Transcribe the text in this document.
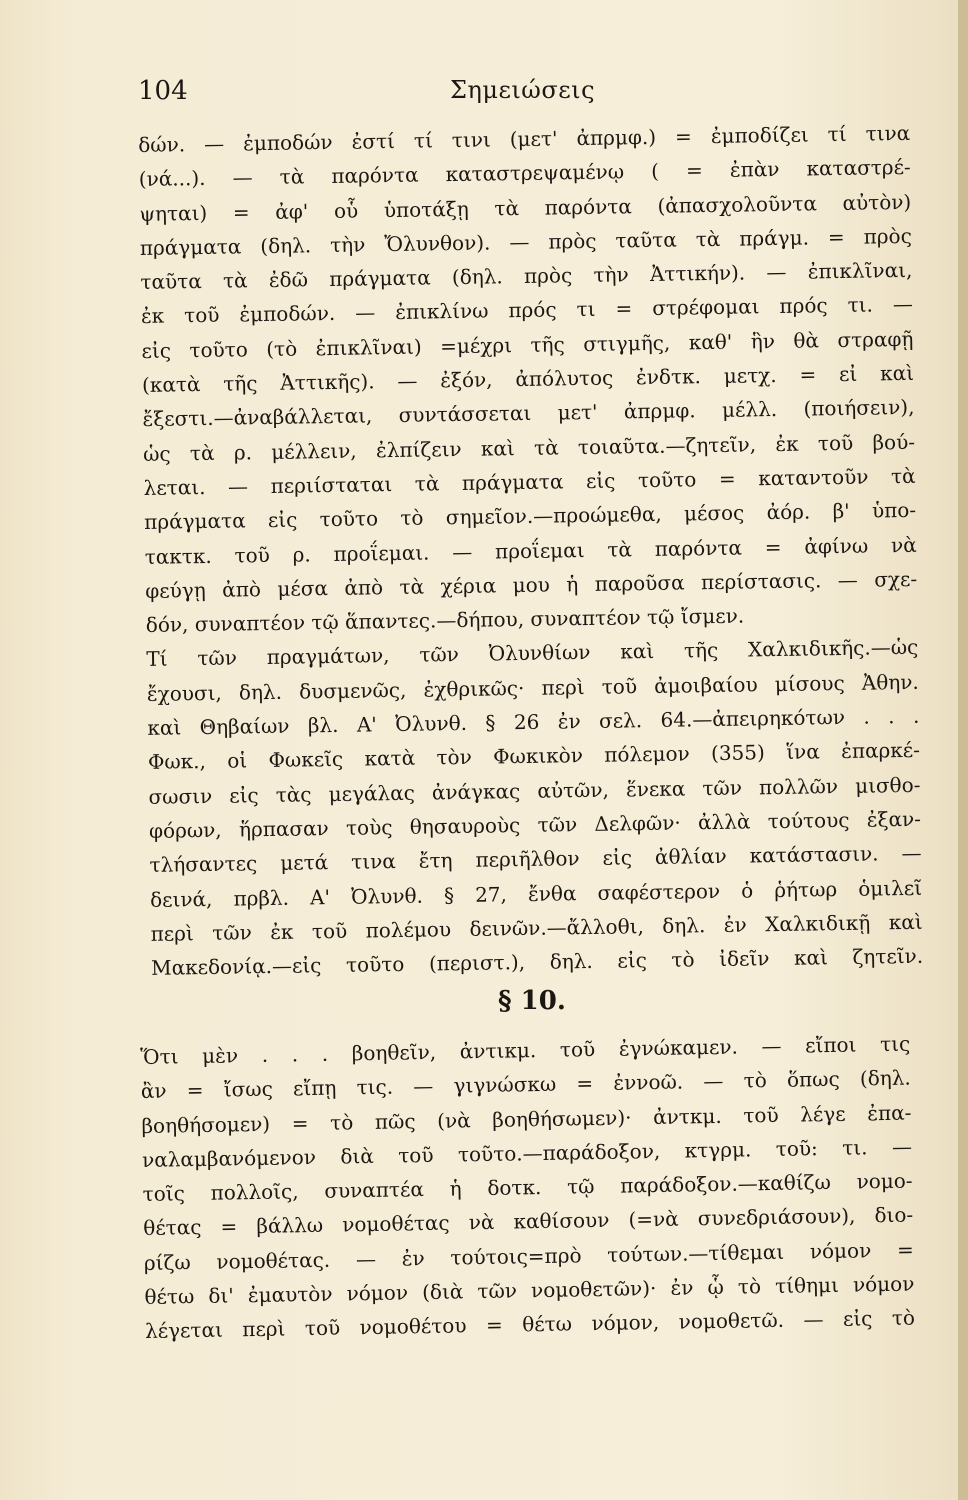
104	Σημειώσεις
δών. — ἐμποδών ἐστί τί τινι (μετ' ἀπρμφ.) = ἐμποδίζει τί τινα
(νά...). — τὰ παρόντα καταστρεψαμένῳ ( = ἐπὰν καταστρέ-
ψηται) = ἀφ' οὗ ὑποτάξῃ τὰ παρόντα (ἀπασχολοῦντα αὐτὸν)
πράγματα (δηλ. τὴν Ὄλυνθον). — πρὸς ταῦτα τὰ πράγμ. = πρὸς
ταῦτα τὰ ἐδῶ πράγματα (δηλ. πρὸς τὴν Ἀττικήν). — ἐπικλῖναι,
ἐκ τοῦ ἐμποδών. — ἐπικλίνω πρός τι = στρέφομαι πρός τι. —
εἰς τοῦτο (τὸ ἐπικλῖναι) =μέχρι τῆς στιγμῆς, καθ' ἣν θὰ στραφῇ
(κατὰ τῆς Ἀττικῆς). — ἐξόν, ἀπόλυτος ἐνδτκ. μετχ. = εἰ καὶ
ἔξεστι.—ἀναβάλλεται, συντάσσεται μετ' ἀπρμφ. μέλλ. (ποιήσειν),
ὡς τὰ ρ. μέλλειν, ἐλπίζειν καὶ τὰ τοιαῦτα.—ζητεῖν, ἐκ τοῦ βού-
λεται. — περιίσταται τὰ πράγματα εἰς τοῦτο = καταντοῦν τὰ
πράγματα εἰς τοῦτο τὸ σημεῖον.—προώμεθα, μέσος ἀόρ. β' ὑπο-
τακτκ. τοῦ ρ. προΐεμαι. — προΐεμαι τὰ παρόντα = ἀφίνω νὰ
φεύγῃ ἀπὸ μέσα ἀπὸ τὰ χέρια μου ἡ παροῦσα περίστασις. — σχε-
δόν, συναπτέον τῷ ἅπαντες.—δήπου, συναπτέον τῷ ἴσμεν.
Τί τῶν πραγμάτων, τῶν Ὀλυνθίων καὶ τῆς Χαλκιδικῆς.—ὡς
ἔχουσι, δηλ. δυσμενῶς, ἐχθρικῶς· περὶ τοῦ ἀμοιβαίου μίσους Ἀθην.
καὶ Θηβαίων βλ. Α' Ὀλυνθ. § 26 ἐν σελ. 64.—ἀπειρηκότων . . .
Φωκ., οἱ Φωκεῖς κατὰ τὸν Φωκικὸν πόλεμον (355) ἵνα ἐπαρκέ-
σωσιν εἰς τὰς μεγάλας ἀνάγκας αὐτῶν, ἕνεκα τῶν πολλῶν μισθο-
φόρων, ἥρπασαν τοὺς θησαυροὺς τῶν Δελφῶν· ἀλλὰ τούτους ἐξαν-
τλήσαντες μετά τινα ἔτη περιῆλθον εἰς ἀθλίαν κατάστασιν. —
δεινά, πρβλ. Α' Ὀλυνθ. § 27, ἔνθα σαφέστερον ὁ ῥήτωρ ὁμιλεῖ
περὶ τῶν ἐκ τοῦ πολέμου δεινῶν.—ἄλλοθι, δηλ. ἐν Χαλκιδικῇ καὶ
Μακεδονίᾳ.—εἰς τοῦτο (περιστ.), δηλ. εἰς τὸ ἰδεῖν καὶ ζητεῖν.
§ 10.
Ὅτι μὲν . . . βοηθεῖν, ἀντικμ. τοῦ ἐγνώκαμεν. — εἴποι τις
ἂν = ἴσως εἴπῃ τις. — γιγνώσκω = ἐννοῶ. — τὸ ὅπως (δηλ.
βοηθήσομεν) = τὸ πῶς (νὰ βοηθήσωμεν)· ἀντκμ. τοῦ λέγε ἐπα-
ναλαμβανόμενον διὰ τοῦ τοῦτο.—παράδοξον, κτγρμ. τοῦ: τι. —
τοῖς πολλοῖς, συναπτέα ἡ δοτκ. τῷ παράδοξον.—καθίζω νομο-
θέτας = βάλλω νομοθέτας νὰ καθίσουν (=νὰ συνεδριάσουν), διο-
ρίζω νομοθέτας. — ἐν τούτοις=πρὸ τούτων.—τίθεμαι νόμον =
θέτω δι' ἐμαυτὸν νόμον (διὰ τῶν νομοθετῶν)· ἐν ᾧ τὸ τίθημι νόμον
λέγεται περὶ τοῦ νομοθέτου = θέτω νόμον, νομοθετῶ. — εἰς τὸ
